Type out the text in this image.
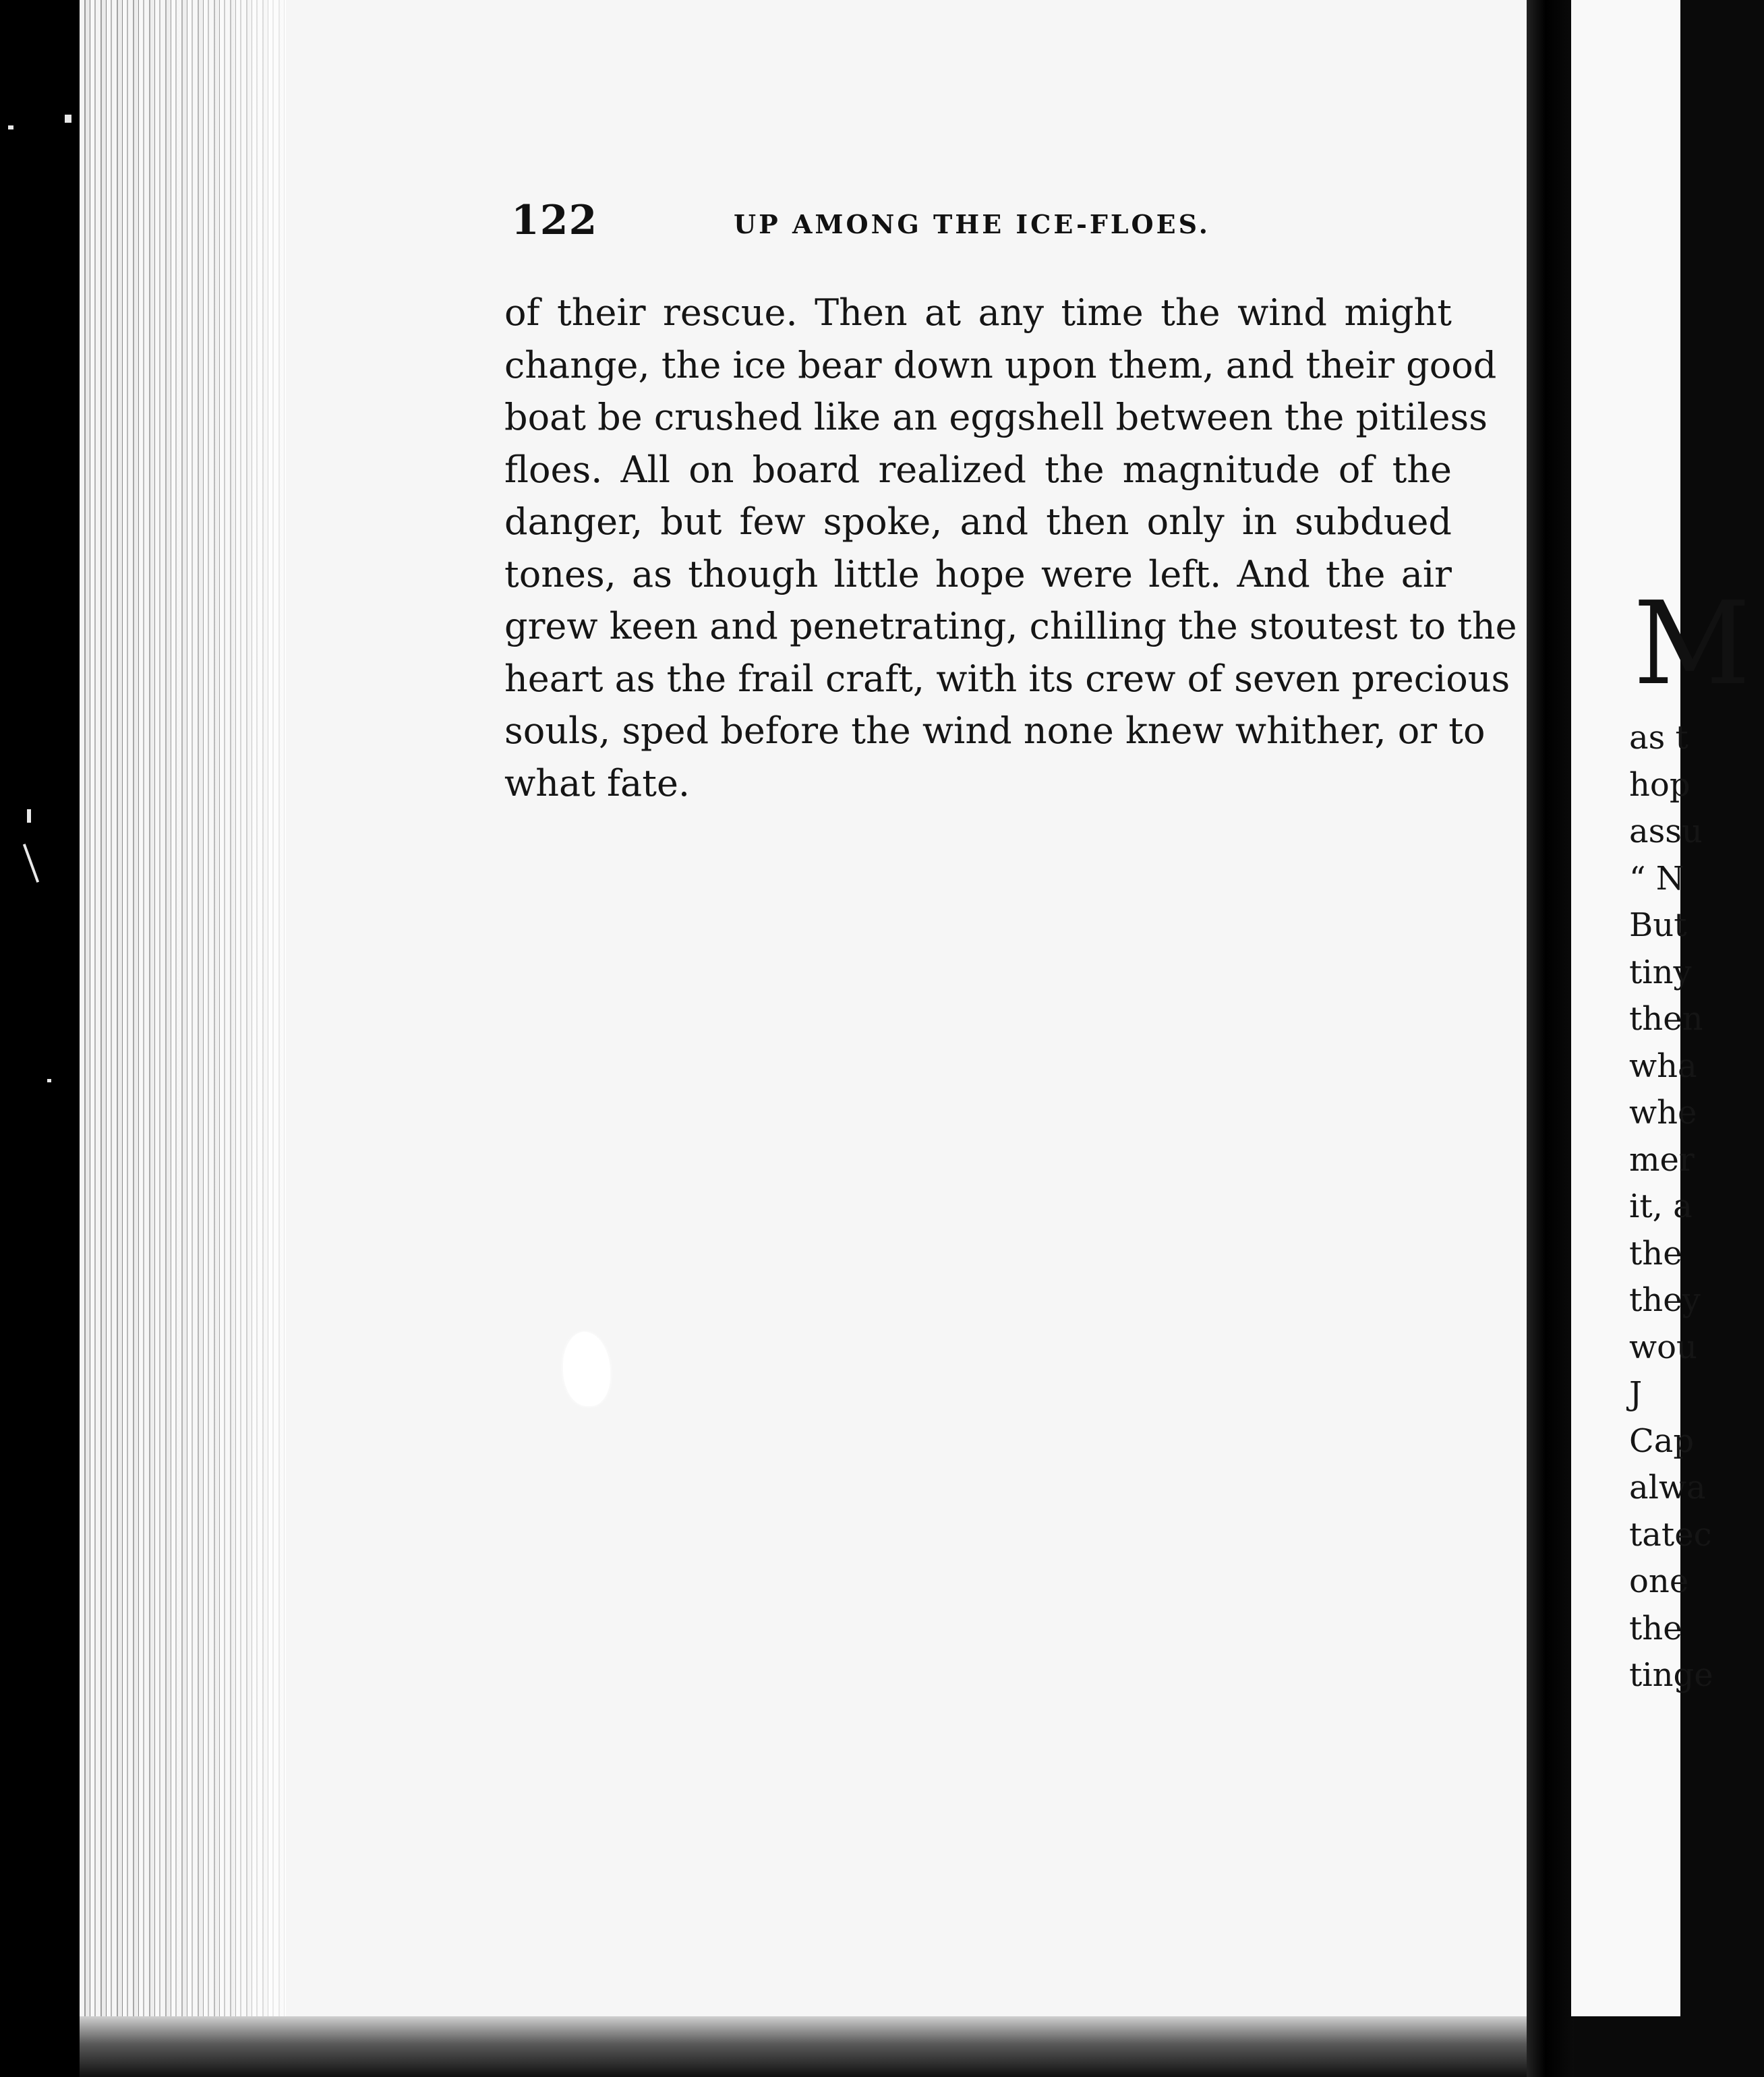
122	UP AMONG THE ICE-FLOES.
of their rescue. Then at any time the wind might
change, the ice bear down upon them, and their good
boat be crushed like an eggshell between the pitiless
floes. All on board realized the magnitude of the
danger, but few spoke, and then only in subdued
tones, as though little hope were left. And the air
grew keen and penetrating, chilling the stoutest to the
heart as the frail craft, with its crew of seven precious
souls, sped before the wind none knew whither, or to
what fate.
M
as t
hop
assu
“ N
But
tiny
then
wha
whe
mer
it, a
the
they
wou
J
Cap
alwa
tatec
one
the
tinge
